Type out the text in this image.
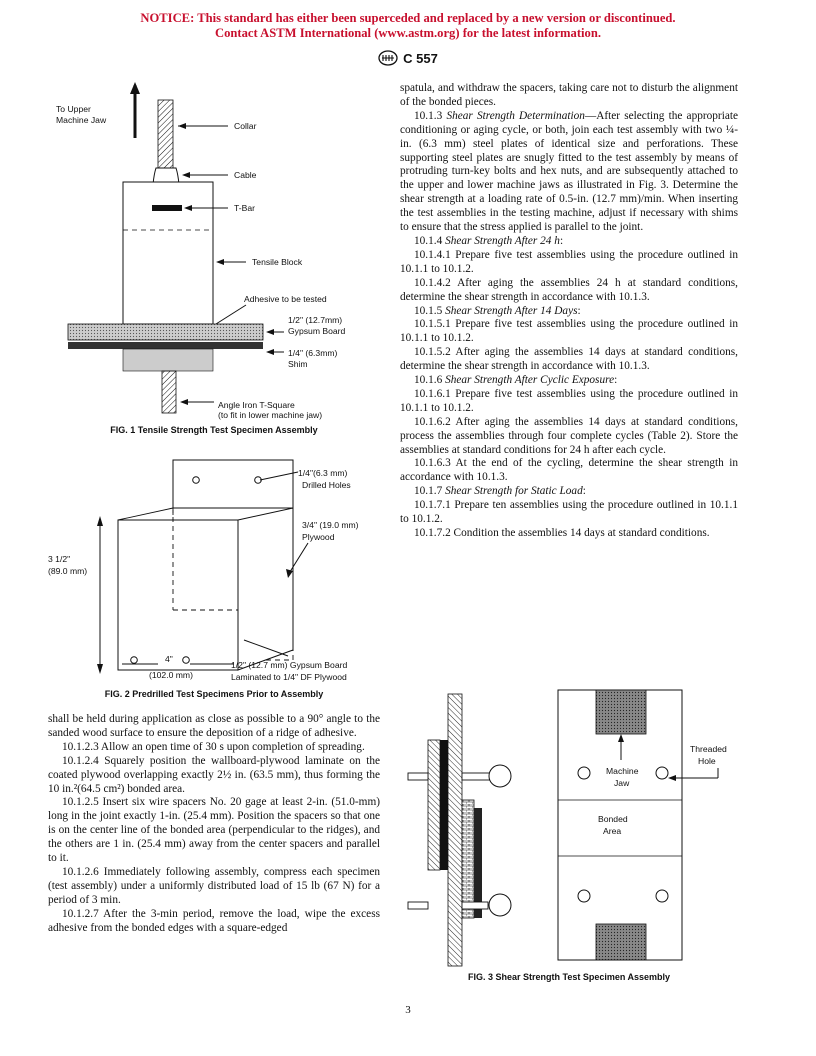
NOTICE: This standard has either been superceded and replaced by a new version or discontinued.
Contact ASTM International (www.astm.org) for the latest information.
C 557
To Upper
Machine Jaw
Collar
Cable
T-Bar
Tensile Block
Adhesive to be tested
1/2" (12.7mm)
Gypsum Board
1/4" (6.3mm)
Shim
Angle Iron T-Square
(to fit in lower machine jaw)
FIG. 1 Tensile Strength Test Specimen Assembly
1/4"(6.3 mm)
Drilled Holes
3/4" (19.0 mm)
Plywood
3 1/2"
(89.0 mm)
4"
(102.0 mm)
1/2" (12.7 mm) Gypsum Board
Laminated to 1/4" DF Plywood
FIG. 2 Predrilled Test Specimens Prior to Assembly

shall be held during application as close as possible to a 90° angle to the sanded wood surface to ensure the deposition of a ridge of adhesive.

10.1.2.3 Allow an open time of 30 s upon completion of spreading.

10.1.2.4 Squarely position the wallboard-plywood laminate on the coated plywood overlapping exactly 2½ in. (63.5 mm), thus forming the 10 in.²(64.5 cm²) bonded area.

10.1.2.5 Insert six wire spacers No. 20 gage at least 2-in. (51.0-mm) long in the joint exactly 1-in. (25.4 mm). Position the spacers so that one is on the center line of the bonded area (perpendicular to the ridges), and the others are 1 in. (25.4 mm) away from the center spacers and parallel to it.

10.1.2.6 Immediately following assembly, compress each specimen (test assembly) under a uniformly distributed load of 15 lb (67 N) for a period of 3 min.

10.1.2.7 After the 3-min period, remove the load, wipe the excess adhesive from the bonded edges with a square-edged

spatula, and withdraw the spacers, taking care not to disturb the alignment of the bonded pieces.

10.1.3 Shear Strength Determination—After selecting the appropriate conditioning or aging cycle, or both, join each test assembly with two ¼-in. (6.3 mm) steel plates of identical size and perforations. These supporting steel plates are snugly fitted to the test assembly by means of protruding turn-key bolts and hex nuts, and are subsequently attached to the upper and lower machine jaws as illustrated in Fig. 3. Determine the shear strength at a loading rate of 0.5-in. (12.7 mm)/min. When inserting the test assemblies in the testing machine, adjust if necessary with shims to ensure that the stress applied is parallel to the joint.

10.1.4 Shear Strength After 24 h:

10.1.4.1 Prepare five test assemblies using the procedure outlined in 10.1.1 to 10.1.2.

10.1.4.2 After aging the assemblies 24 h at standard conditions, determine the shear strength in accordance with 10.1.3.

10.1.5 Shear Strength After 14 Days:

10.1.5.1 Prepare five test assemblies using the procedure outlined in 10.1.1 to 10.1.2.

10.1.5.2 After aging the assemblies 14 days at standard conditions, determine the shear strength in accordance with 10.1.3.

10.1.6 Shear Strength After Cyclic Exposure:

10.1.6.1 Prepare five test assemblies using the procedure outlined in 10.1.1 to 10.1.2.

10.1.6.2 After aging the assemblies 14 days at standard conditions, process the assemblies through four complete cycles (Table 2). Store the assemblies at standard conditions for 24 h after each cycle.

10.1.6.3 At the end of the cycling, determine the shear strength in accordance with 10.1.3.

10.1.7 Shear Strength for Static Load:

10.1.7.1 Prepare ten assemblies using the procedure outlined in 10.1.1 to 10.1.2.

10.1.7.2 Condition the assemblies 14 days at standard conditions.

Machine
Jaw
Bonded
Area
Threaded
Hole
FIG. 3 Shear Strength Test Specimen Assembly
3
